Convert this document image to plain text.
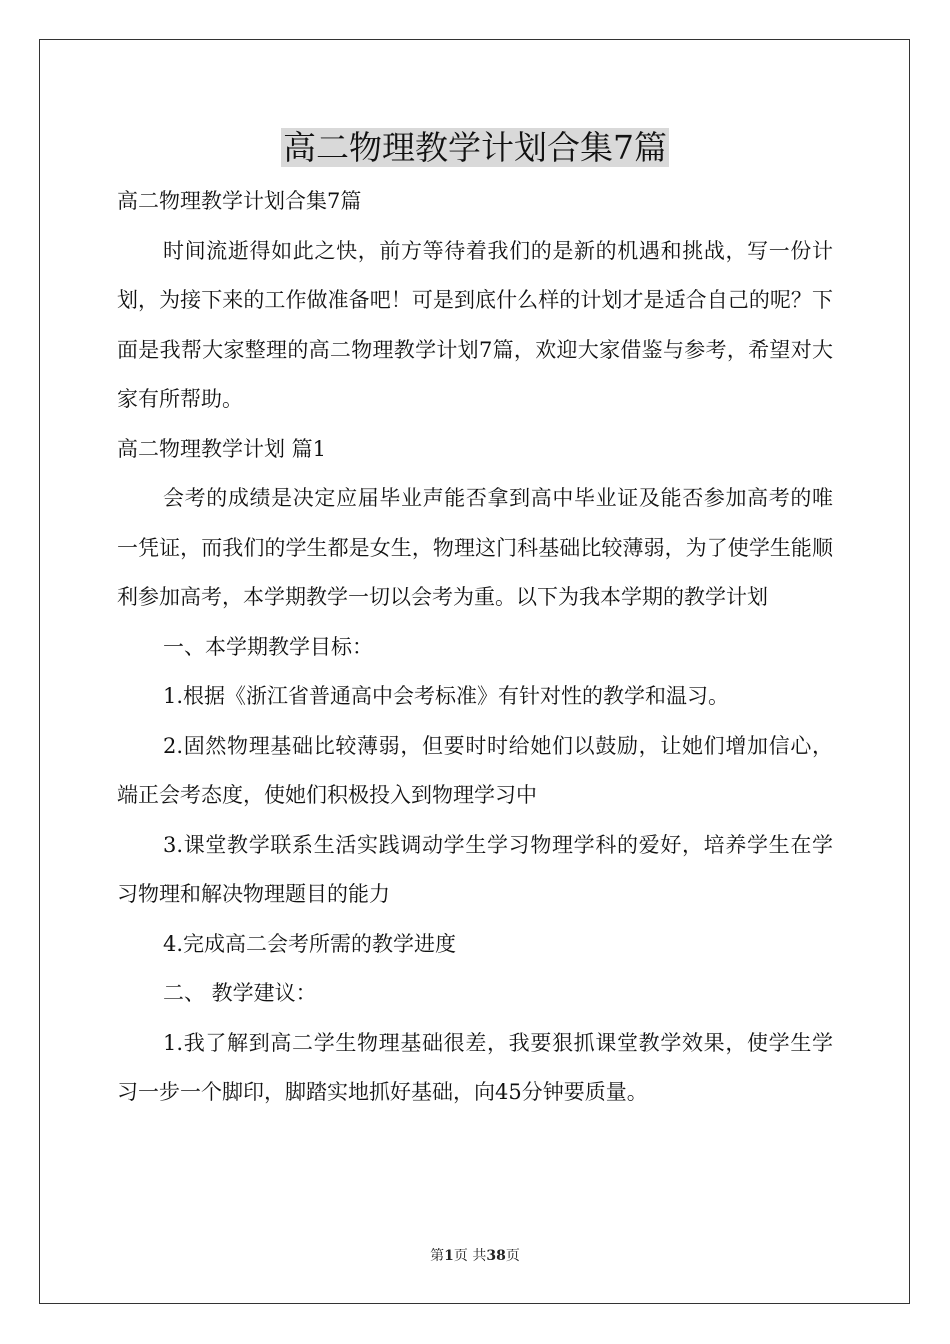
高二物理教学计划合集7篇

高二物理教学计划合集7篇

时间流逝得如此之快，前方等待着我们的是新的机遇和挑战，写一份计划，为接下来的工作做准备吧！可是到底什么样的计划才是适合自己的呢？下面是我帮大家整理的高二物理教学计划7篇，欢迎大家借鉴与参考，希望对大家有所帮助。

高二物理教学计划 篇1

会考的成绩是决定应届毕业声能否拿到高中毕业证及能否参加高考的唯一凭证，而我们的学生都是女生，物理这门科基础比较薄弱，为了使学生能顺利参加高考，本学期教学一切以会考为重。以下为我本学期的教学计划

一、本学期教学目标：

1.根据《浙江省普通高中会考标准》有针对性的教学和温习。

2.固然物理基础比较薄弱，但要时时给她们以鼓励，让她们增加信心，端正会考态度，使她们积极投入到物理学习中

3.课堂教学联系生活实践调动学生学习物理学科的爱好，培养学生在学习物理和解决物理题目的能力

4.完成高二会考所需的教学进度

二、 教学建议：

1.我了解到高二学生物理基础很差，我要狠抓课堂教学效果，使学生学习一步一个脚印，脚踏实地抓好基础，向45分钟要质量。

第1页 共38页
